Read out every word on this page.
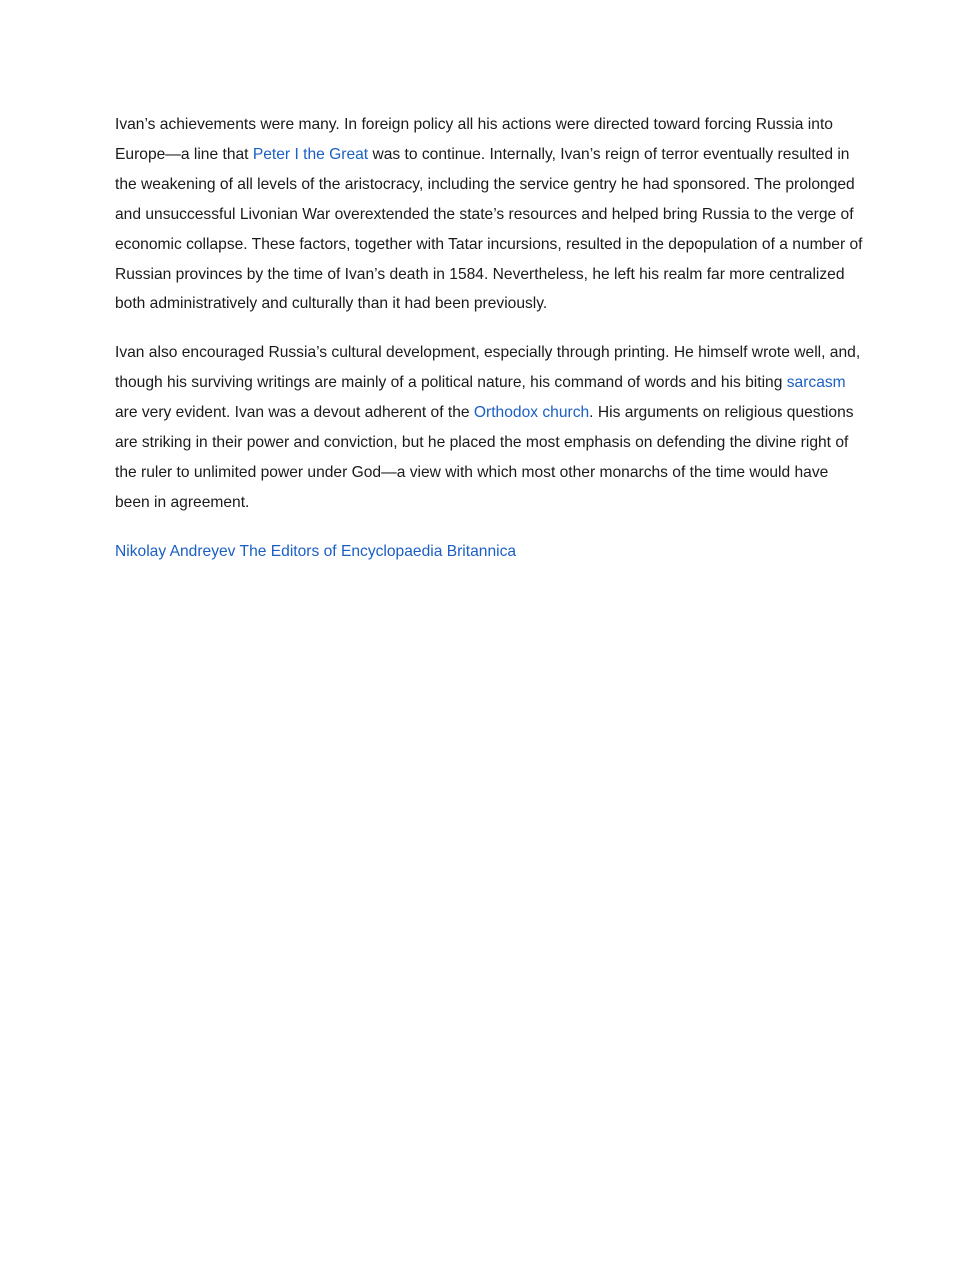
Ivan’s achievements were many. In foreign policy all his actions were directed toward forcing Russia into Europe—a line that Peter I the Great was to continue. Internally, Ivan’s reign of terror eventually resulted in the weakening of all levels of the aristocracy, including the service gentry he had sponsored. The prolonged and unsuccessful Livonian War overextended the state’s resources and helped bring Russia to the verge of economic collapse. These factors, together with Tatar incursions, resulted in the depopulation of a number of Russian provinces by the time of Ivan’s death in 1584. Nevertheless, he left his realm far more centralized both administratively and culturally than it had been previously.

Ivan also encouraged Russia’s cultural development, especially through printing. He himself wrote well, and, though his surviving writings are mainly of a political nature, his command of words and his biting sarcasm are very evident. Ivan was a devout adherent of the Orthodox church. His arguments on religious questions are striking in their power and conviction, but he placed the most emphasis on defending the divine right of the ruler to unlimited power under God—a view with which most other monarchs of the time would have been in agreement.

Nikolay Andreyev The Editors of Encyclopaedia Britannica
